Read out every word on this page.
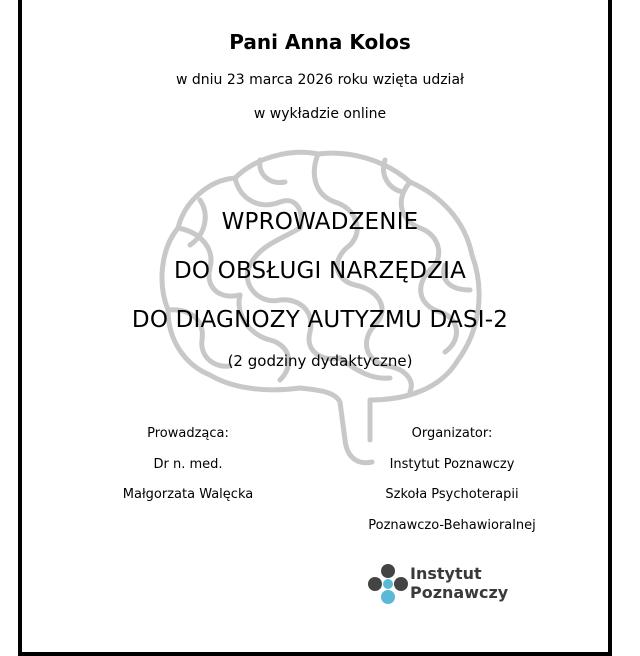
Pani Anna Kolos
w dniu 23 marca 2026 roku wzięta udział
w wykładzie online
WPROWADZENIE
DO OBSŁUGI NARZĘDZIA
DO DIAGNOZY AUTYZMU DASI-2
(2 godziny dydaktyczne)
Prowadząca:
Dr n. med.
Małgorzata Walęcka
Organizator:
Instytut Poznawczy
Szkoła Psychoterapii
Poznawczo-Behawioralnej
Instytut
Poznawczy
